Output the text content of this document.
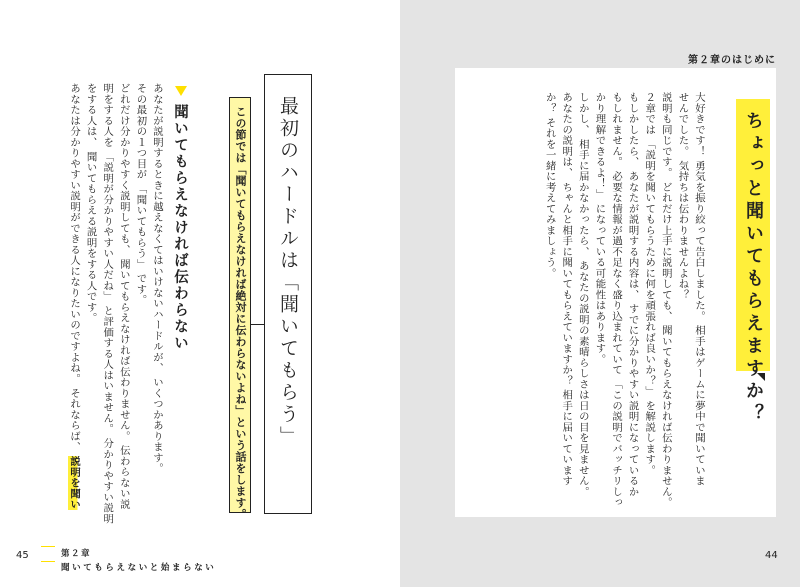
第２章のはじめに
ちょっと聞いてもらえますか？

大好きです！ 勇気を振り絞って告白しました。 相手はゲームに夢中で聞いていま

せんでした。 気持ちは伝わりませんよね？

説明も同じです。 どれだけ上手に説明しても、 聞いてもらえなければ伝わりません。

２章では 「説明を聞いてもらうために何を頑張れば良いか？」 を解説します。

もしかしたら、 あなたが説明する内容は、 すでに分かりやすい説明になっているか

もしれません。 必要な情報が過不足なく盛り込まれていて 「この説明でバッチリしっ

かり理解できるよ！」 になっている可能性はあります。

しかし、 相手に届かなかったら、 あなたの説明の素晴らしさは日の目を見ません。

あなたの説明は、 ちゃんと相手に聞いてもらえていますか？ 相手に届いています

か？ それを一緒に考えてみましょう。

最初のハードルは「聞いてもらう」
この節では「聞いてもらえなければ絶対に伝わらないよね」という話をします。
聞いてもらえなければ伝わらない

あなたが説明するときに越えなくてはいけないハードルが、 いくつかあります。

その最初の１つ目が 「聞いてもらう」 です。

どれだけ分かりやすく説明しても、 聞いてもらえなければ伝わりません。 伝わらない説

明をする人を 「説明が分かりやすい人だね」 と評価する人はいません。 分かりやすい説明

をする人は、 聞いてもらえる説明をする人です。

あなたは分かりやすい説明ができる人になりたいのですよね。 それならば、 説明を聞い

45	第２章
聞いてもらえないと始まらない
44
